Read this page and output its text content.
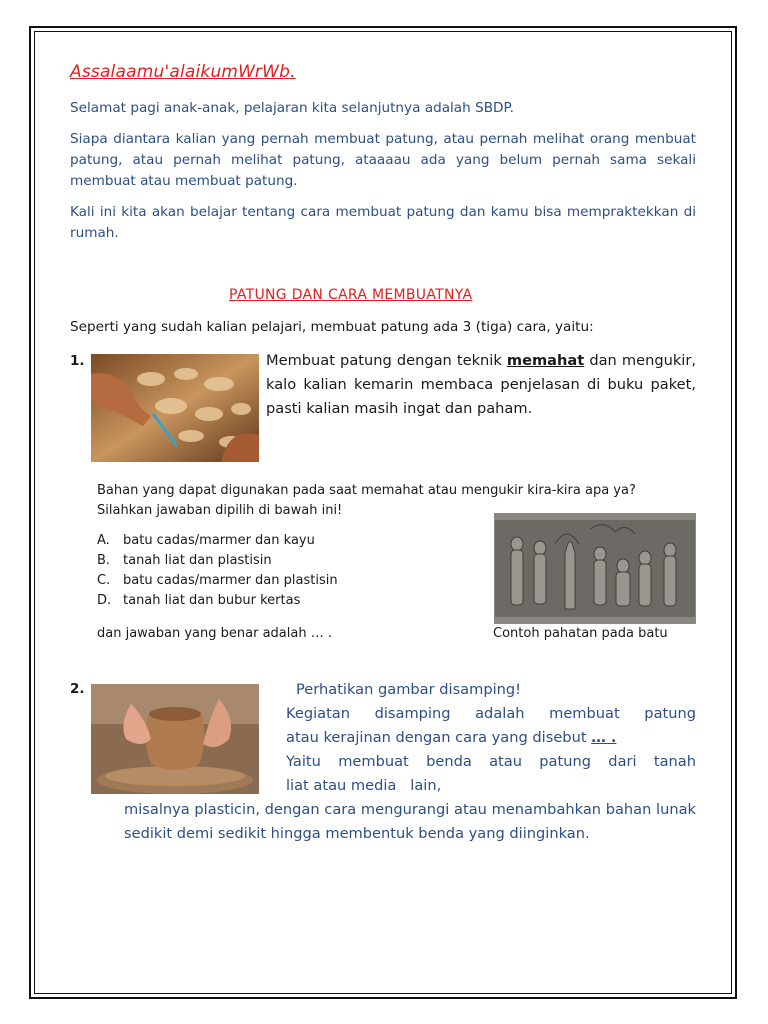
Assalaamu'alaikumWrWb.

Selamat pagi anak-anak, pelajaran kita selanjutnya adalah SBDP.

Siapa diantara kalian yang pernah membuat patung, atau pernah melihat orang menbuat patung, atau pernah melihat patung, ataaaau ada yang belum pernah sama sekali membuat atau membuat patung.

Kali ini kita akan belajar tentang cara membuat patung dan kamu bisa mempraktekkan di rumah.

PATUNG DAN CARA MEMBUATNYA

Seperti yang sudah kalian pelajari, membuat patung ada 3 (tiga) cara, yaitu:

1.	Membuat patung dengan teknik memahat dan mengukir, kalo kalian kemarin membaca penjelasan di buku paket, pasti kalian masih ingat dan paham.

Bahan yang dapat digunakan pada saat memahat atau mengukir kira-kira apa ya?

Silahkan jawaban dipilih di bawah ini!

A. batu cadas/marmer dan kayu
B. tanah liat dan plastisin
C. batu cadas/marmer dan plastisin
D. tanah liat dan bubur kertas

dan jawaban yang benar adalah … .	Contoh pahatan pada batu

2.	Perhatikan gambar disamping!

Kegiatan disamping adalah membuat patung

atau kerajinan dengan cara yang disebut … .

Yaitu membuat benda atau patung dari tanah

liat atau media   lain,

misalnya plasticin, dengan cara mengurangi atau menambahkan bahan lunak sedikit demi sedikit hingga membentuk benda yang diinginkan.
